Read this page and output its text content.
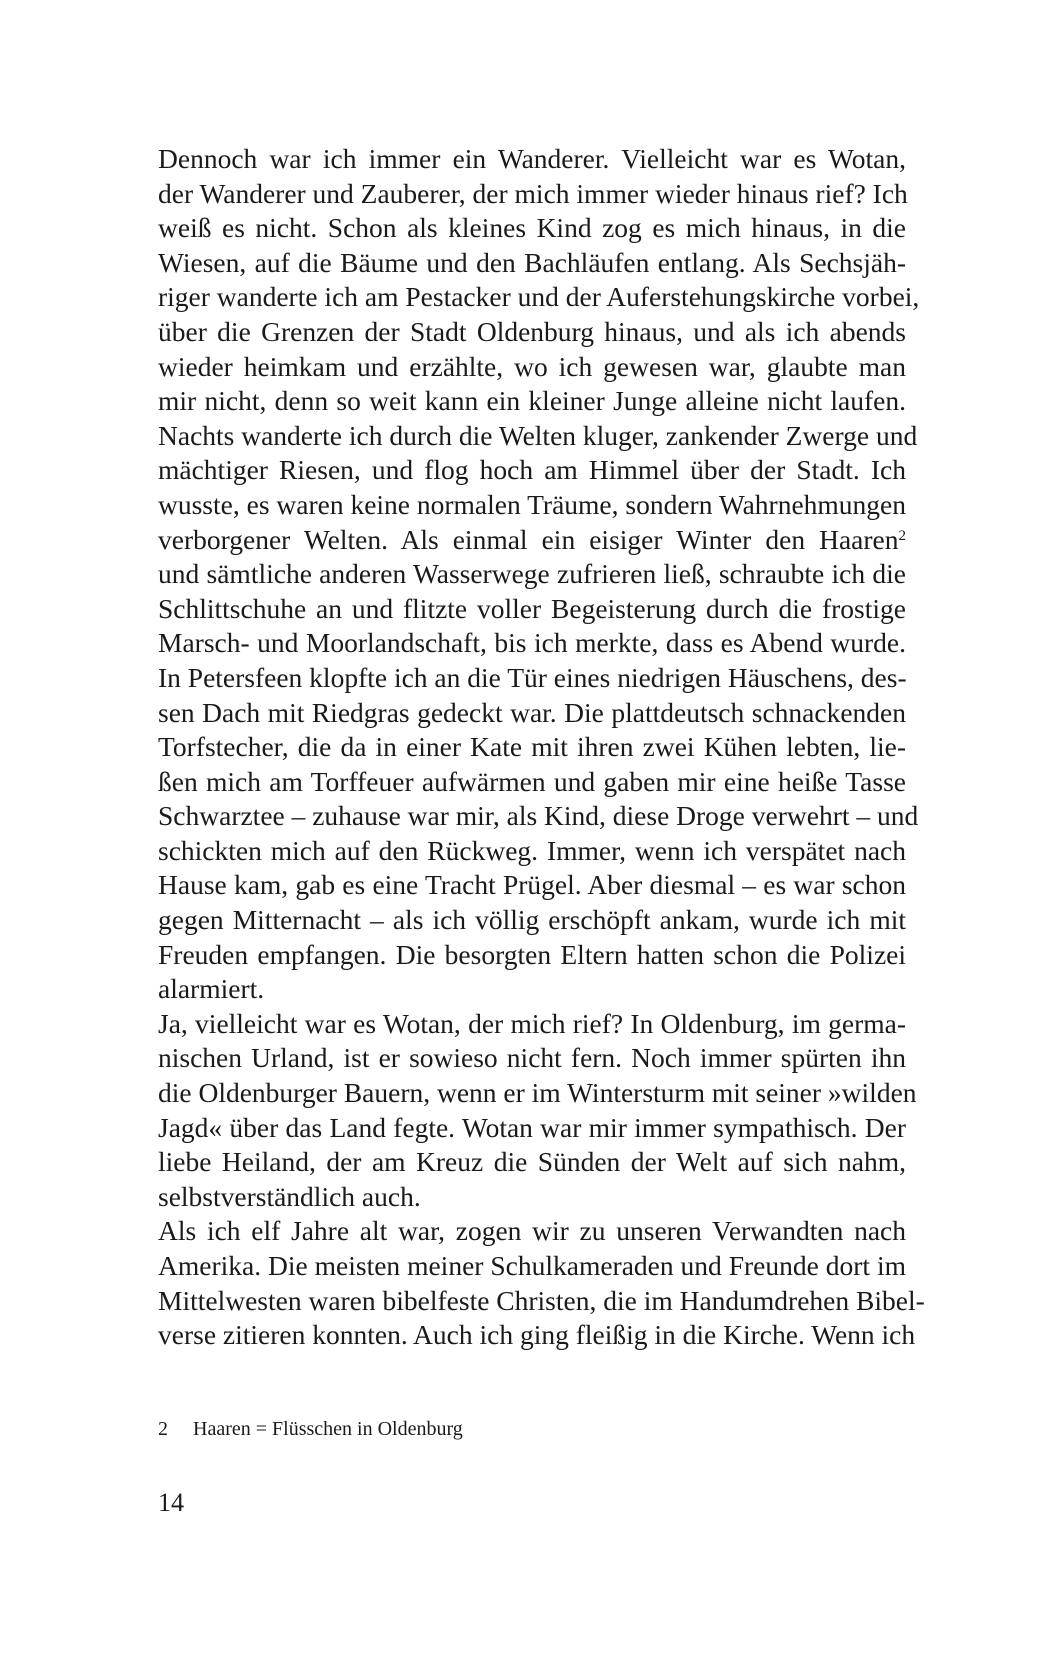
Dennoch war ich immer ein Wanderer. Vielleicht war es Wotan,
der Wanderer und Zauberer, der mich immer wieder hinaus rief? Ich
weiß es nicht. Schon als kleines Kind zog es mich hinaus, in die
Wiesen, auf die Bäume und den Bachläufen entlang. Als Sechsjäh-
riger wanderte ich am Pestacker und der Auferstehungskirche vorbei,
über die Grenzen der Stadt Oldenburg hinaus, und als ich abends
wieder heimkam und erzählte, wo ich gewesen war, glaubte man
mir nicht, denn so weit kann ein kleiner Junge alleine nicht laufen.
Nachts wanderte ich durch die Welten kluger, zankender Zwerge und
mächtiger Riesen, und flog hoch am Himmel über der Stadt. Ich
wusste, es waren keine normalen Träume, sondern Wahrnehmungen
verborgener Welten. Als einmal ein eisiger Winter den Haaren$^2$
und sämtliche anderen Wasserwege zufrieren ließ, schraubte ich die
Schlittschuhe an und flitzte voller Begeisterung durch die frostige
Marsch- und Moorlandschaft, bis ich merkte, dass es Abend wurde.
In Petersfeen klopfte ich an die Tür eines niedrigen Häuschens, des-
sen Dach mit Riedgras gedeckt war. Die plattdeutsch schnackenden
Torfstecher, die da in einer Kate mit ihren zwei Kühen lebten, lie-
ßen mich am Torffeuer aufwärmen und gaben mir eine heiße Tasse
Schwarztee – zuhause war mir, als Kind, diese Droge verwehrt – und
schickten mich auf den Rückweg. Immer, wenn ich verspätet nach
Hause kam, gab es eine Tracht Prügel. Aber diesmal – es war schon
gegen Mitternacht – als ich völlig erschöpft ankam, wurde ich mit
Freuden empfangen. Die besorgten Eltern hatten schon die Polizei
alarmiert.
Ja, vielleicht war es Wotan, der mich rief? In Oldenburg, im germa-
nischen Urland, ist er sowieso nicht fern. Noch immer spürten ihn
die Oldenburger Bauern, wenn er im Wintersturm mit seiner »wilden
Jagd« über das Land fegte. Wotan war mir immer sympathisch. Der
liebe Heiland, der am Kreuz die Sünden der Welt auf sich nahm,
selbstverständlich auch.
Als ich elf Jahre alt war, zogen wir zu unseren Verwandten nach
Amerika. Die meisten meiner Schulkameraden und Freunde dort im
Mittelwesten waren bibelfeste Christen, die im Handumdrehen Bibel-
verse zitieren konnten. Auch ich ging fleißig in die Kirche. Wenn ich
2 Haaren = Flüsschen in Oldenburg
14
